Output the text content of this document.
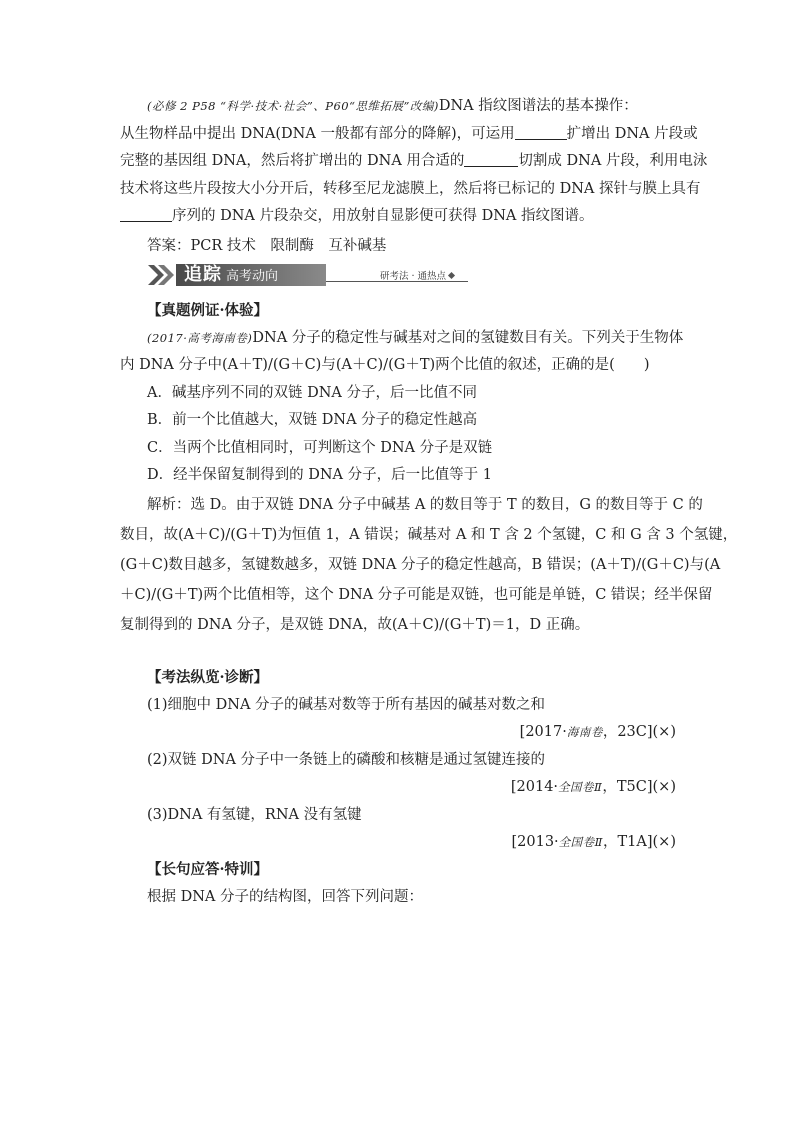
(必修 2 P58 “科学·技术·社会”、P60“思维拓展”改编)DNA 指纹图谱法的基本操作：
从生物样品中提出 DNA(DNA 一般都有部分的降解)，可运用	扩增出 DNA 片段或
完整的基因组 DNA，然后将扩增出的 DNA 用合适的	切割成 DNA 片段，利用电泳
技术将这些片段按大小分开后，转移至尼龙滤膜上，然后将已标记的 DNA 探针与膜上具有
序列的 DNA 片段杂交，用放射自显影便可获得 DNA 指纹图谱。
答案：PCR 技术　限制酶　互补碱基
追踪 高考动向	研考法 · 通热点
【真题例证·体验】
(2017·高考海南卷)DNA 分子的稳定性与碱基对之间的氢键数目有关。下列关于生物体
内 DNA 分子中(A＋T)/(G＋C)与(A＋C)/(G＋T)两个比值的叙述，正确的是(　　)
A．碱基序列不同的双链 DNA 分子，后一比值不同
B．前一个比值越大，双链 DNA 分子的稳定性越高
C．当两个比值相同时，可判断这个 DNA 分子是双链
D．经半保留复制得到的 DNA 分子，后一比值等于 1
解析：选 D。由于双链 DNA 分子中碱基 A 的数目等于 T 的数目，G 的数目等于 C 的
数目，故(A＋C)/(G＋T)为恒值 1，A 错误；碱基对 A 和 T 含 2 个氢键，C 和 G 含 3 个氢键，
(G＋C)数目越多，氢键数越多，双链 DNA 分子的稳定性越高，B 错误；(A＋T)/(G＋C)与(A
＋C)/(G＋T)两个比值相等，这个 DNA 分子可能是双链，也可能是单链，C 错误；经半保留
复制得到的 DNA 分子，是双链 DNA，故(A＋C)/(G＋T)＝1，D 正确。
【考法纵览·诊断】
(1)细胞中 DNA 分子的碱基对数等于所有基因的碱基对数之和
[2017·海南卷，23C](×)
(2)双链 DNA 分子中一条链上的磷酸和核糖是通过氢键连接的
[2014·全国卷Ⅱ，T5C](×)
(3)DNA 有氢键，RNA 没有氢键
[2013·全国卷Ⅱ，T1A](×)
【长句应答·特训】
根据 DNA 分子的结构图，回答下列问题：
